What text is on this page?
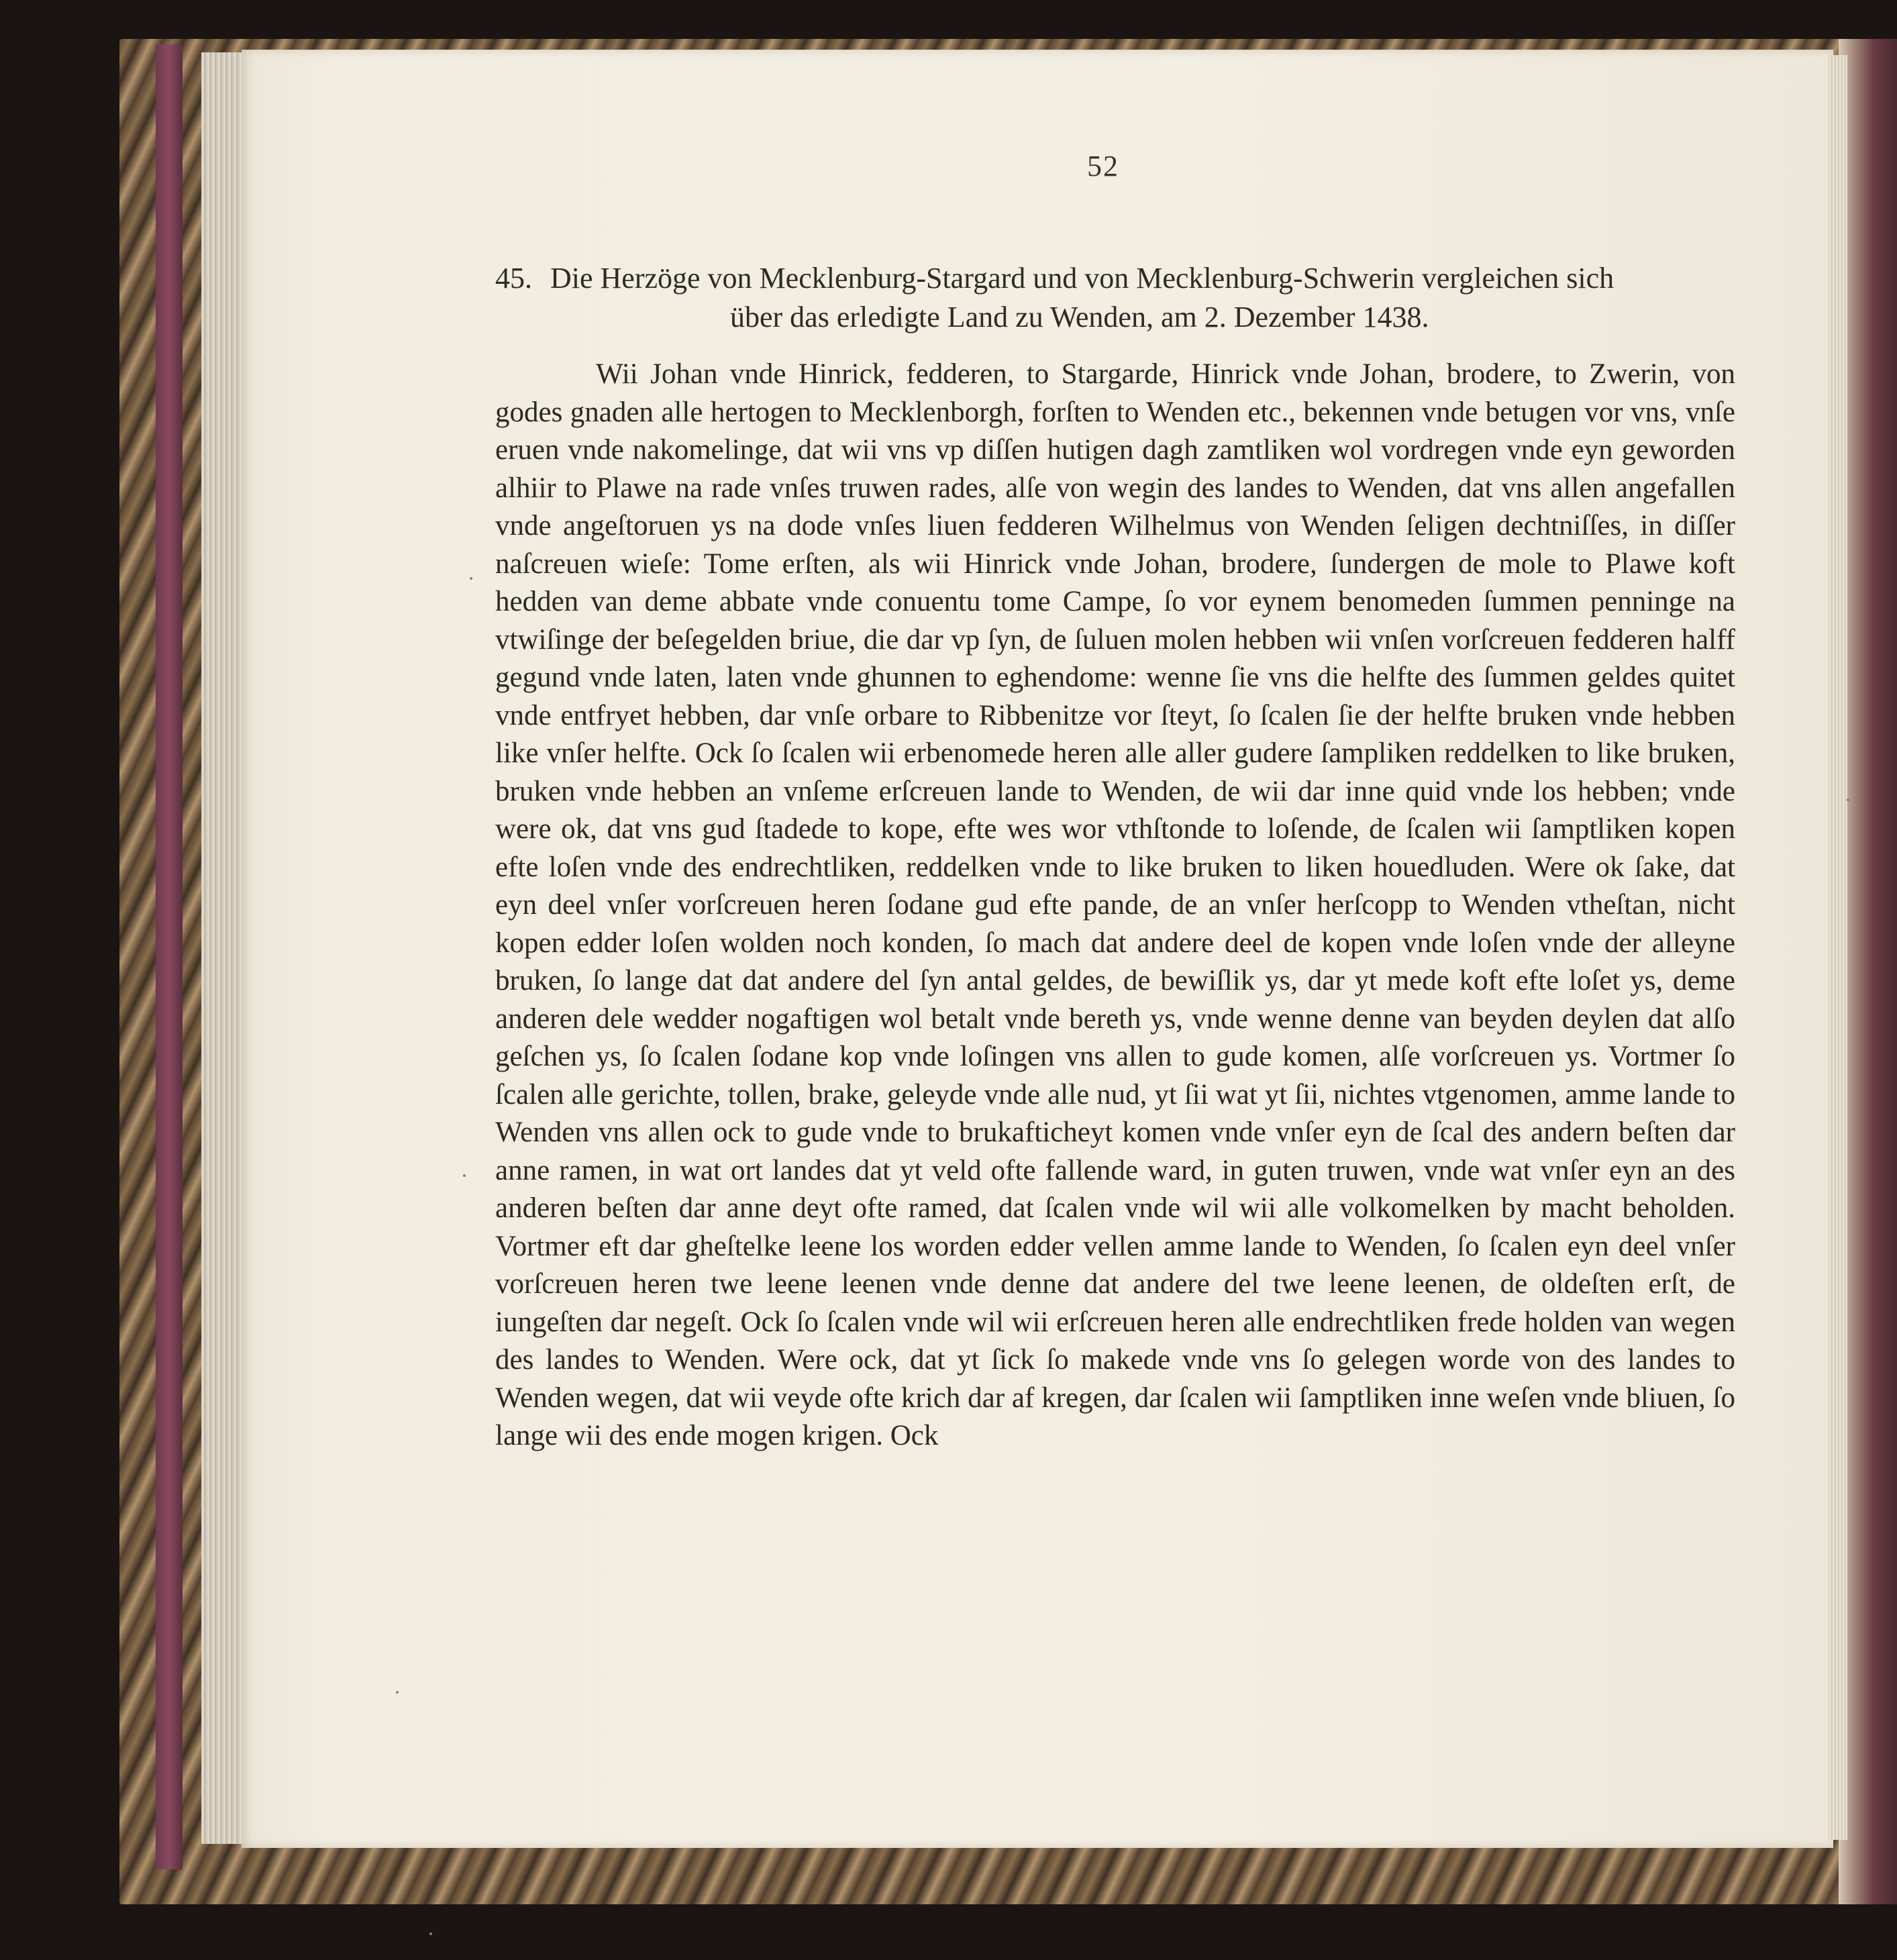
52
45. Die Herzöge von Mecklenburg-Stargard und von Mecklenburg-Schwerin vergleichen sich
über das erledigte Land zu Wenden, am 2. Dezember 1438.
Wii Johan vnde Hinrick, fedderen, to Stargarde, Hinrick vnde Johan, brodere, to Zwerin, von godes gnaden alle hertogen to Mecklenborgh, forſten to Wenden etc., bekennen vnde betugen vor vns, vnſe eruen vnde nakomelinge, dat wii vns vp diſſen hutigen dagh zamtliken wol vordregen vnde eyn geworden alhiir to Plawe na rade vnſes truwen rades, alſe von wegin des landes to Wenden, dat vns allen angefallen vnde angeſtoruen ys na dode vnſes liuen fedderen Wilhelmus von Wenden ſeligen dechtniſſes, in diſſer naſcreuen wieſe: Tome erſten, als wii Hinrick vnde Johan, brodere, ſundergen de mole to Plawe koft hedden van deme abbate vnde conuentu tome Campe, ſo vor eynem benomeden ſummen penninge na vtwiſinge der beſegelden briue, die dar vp ſyn, de ſuluen molen hebben wii vnſen vorſcreuen fedderen halff gegund vnde laten, laten vnde ghunnen to eghendome: wenne ſie vns die helfte des ſummen geldes quitet vnde entfryet hebben, dar vnſe orbare to Ribbenitze vor ſteyt, ſo ſcalen ſie der helfte bruken vnde hebben like vnſer helfte. Ock ſo ſcalen wii erbenomede heren alle aller gudere ſampliken reddelken to like bruken, bruken vnde hebben an vnſeme erſcreuen lande to Wenden, de wii dar inne quid vnde los hebben; vnde were ok, dat vns gud ſtadede to kope, efte wes wor vthſtonde to loſende, de ſcalen wii ſamptliken kopen efte loſen vnde des endrechtliken, reddelken vnde to like bruken to liken houedluden. Were ok ſake, dat eyn deel vnſer vorſcreuen heren ſodane gud efte pande, de an vnſer herſcopp to Wenden vtheſtan, nicht kopen edder loſen wolden noch konden, ſo mach dat andere deel de kopen vnde loſen vnde der alleyne bruken, ſo lange dat dat andere del ſyn antal geldes, de bewiſlik ys, dar yt mede koft efte loſet ys, deme anderen dele wedder nogaftigen wol betalt vnde bereth ys, vnde wenne denne van beyden deylen dat alſo geſchen ys, ſo ſcalen ſodane kop vnde loſingen vns allen to gude komen, alſe vorſcreuen ys. Vortmer ſo ſcalen alle gerichte, tollen, brake, geleyde vnde alle nud, yt ſii wat yt ſii, nichtes vtgenomen, amme lande to Wenden vns allen ock to gude vnde to brukafticheyt komen vnde vnſer eyn de ſcal des andern beſten dar anne ramen, in wat ort landes dat yt veld ofte fallende ward, in guten truwen, vnde wat vnſer eyn an des anderen beſten dar anne deyt ofte ramed, dat ſcalen vnde wil wii alle volkomelken by macht beholden. Vortmer eft dar gheſtelke leene los worden edder vellen amme lande to Wenden, ſo ſcalen eyn deel vnſer vorſcreuen heren twe leene leenen vnde denne dat andere del twe leene leenen, de oldeſten erſt, de iungeſten dar negeſt. Ock ſo ſcalen vnde wil wii erſcreuen heren alle endrechtliken frede holden van wegen des landes to Wenden. Were ock, dat yt ſick ſo makede vnde vns ſo gelegen worde von des landes to Wenden wegen, dat wii veyde ofte krich dar af kregen, dar ſcalen wii ſamptliken inne weſen vnde bliuen, ſo lange wii des ende mogen krigen. Ock
